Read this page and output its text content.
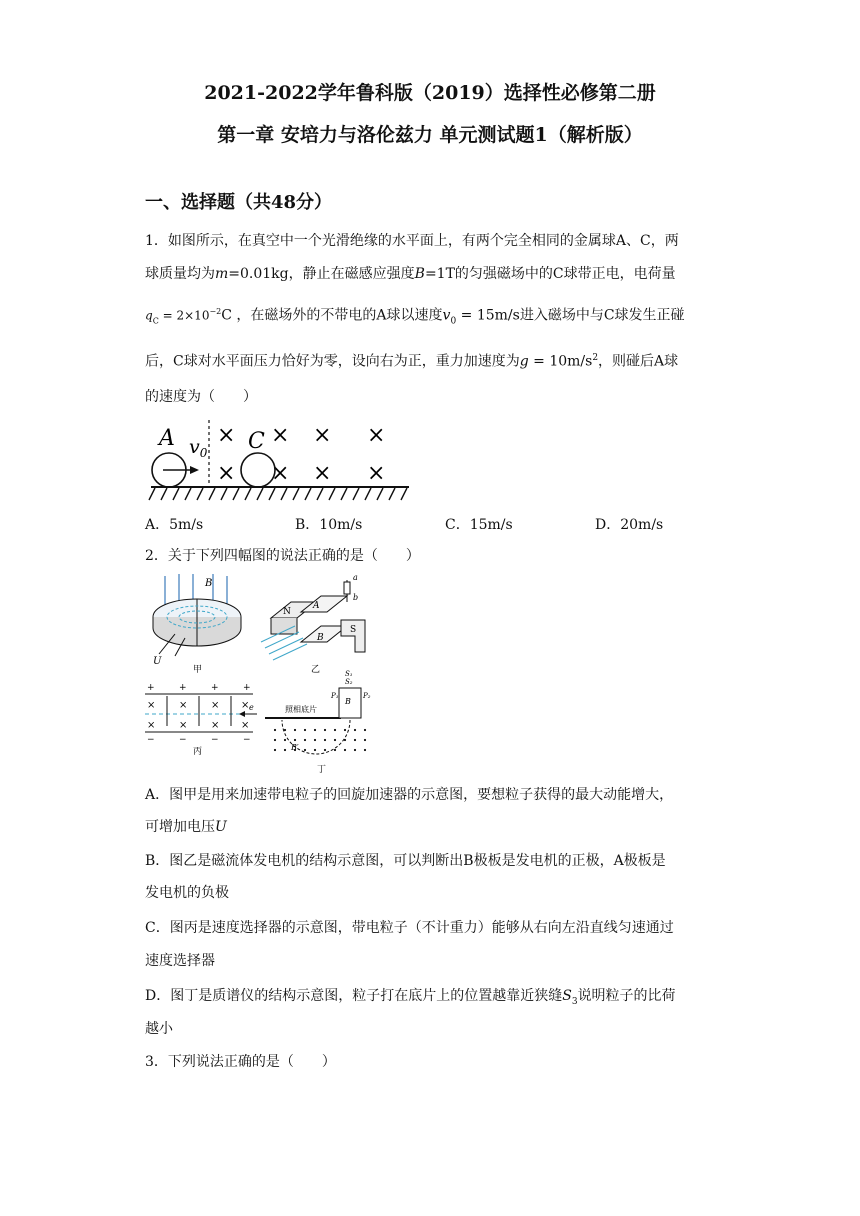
2021-2022学年鲁科版（2019）选择性必修第二册
第一章 安培力与洛伦兹力 单元测试题1（解析版）
一、选择题（共48分）
1．如图所示，在真空中一个光滑绝缘的水平面上，有两个完全相同的金属球A、C，两
球质量均为m=0.01kg，静止在磁感应强度B=1T的匀强磁场中的C球带正电，电荷量
$q_C = 2\times 10^{-2}C$ ，在磁场外的不带电的A球以速度$v_0 = 15m/s$进入磁场中与C球发生正碰
后，C球对水平面压力恰好为零，设向右为正，重力加速度为$g = 10m/s^2$，则碰后A球
的速度为（　　）
A	C
$v_0$
× × × ×
× × × ×
A．5m/s	B．10m/s	C．15m/s	D．20m/s
2．关于下列四幅图的说法正确的是（　　）
B
U
甲
N
A
B
S
a
b
乙
+	+	+	+
× × × ×
× × × ×
−	−	−	−
e
丙
照相底片
B
P₁	P₂
S₁
S₂
B′
丁
A．图甲是用来加速带电粒子的回旋加速器的示意图，要想粒子获得的最大动能增大，
可增加电压U
B．图乙是磁流体发电机的结构示意图，可以判断出B极板是发电机的正极，A极板是
发电机的负极
C．图丙是速度选择器的示意图，带电粒子（不计重力）能够从右向左沿直线匀速通过
速度选择器
D．图丁是质谱仪的结构示意图，粒子打在底片上的位置越靠近狭缝$S_3$说明粒子的比荷
越小
3．下列说法正确的是（　　）
